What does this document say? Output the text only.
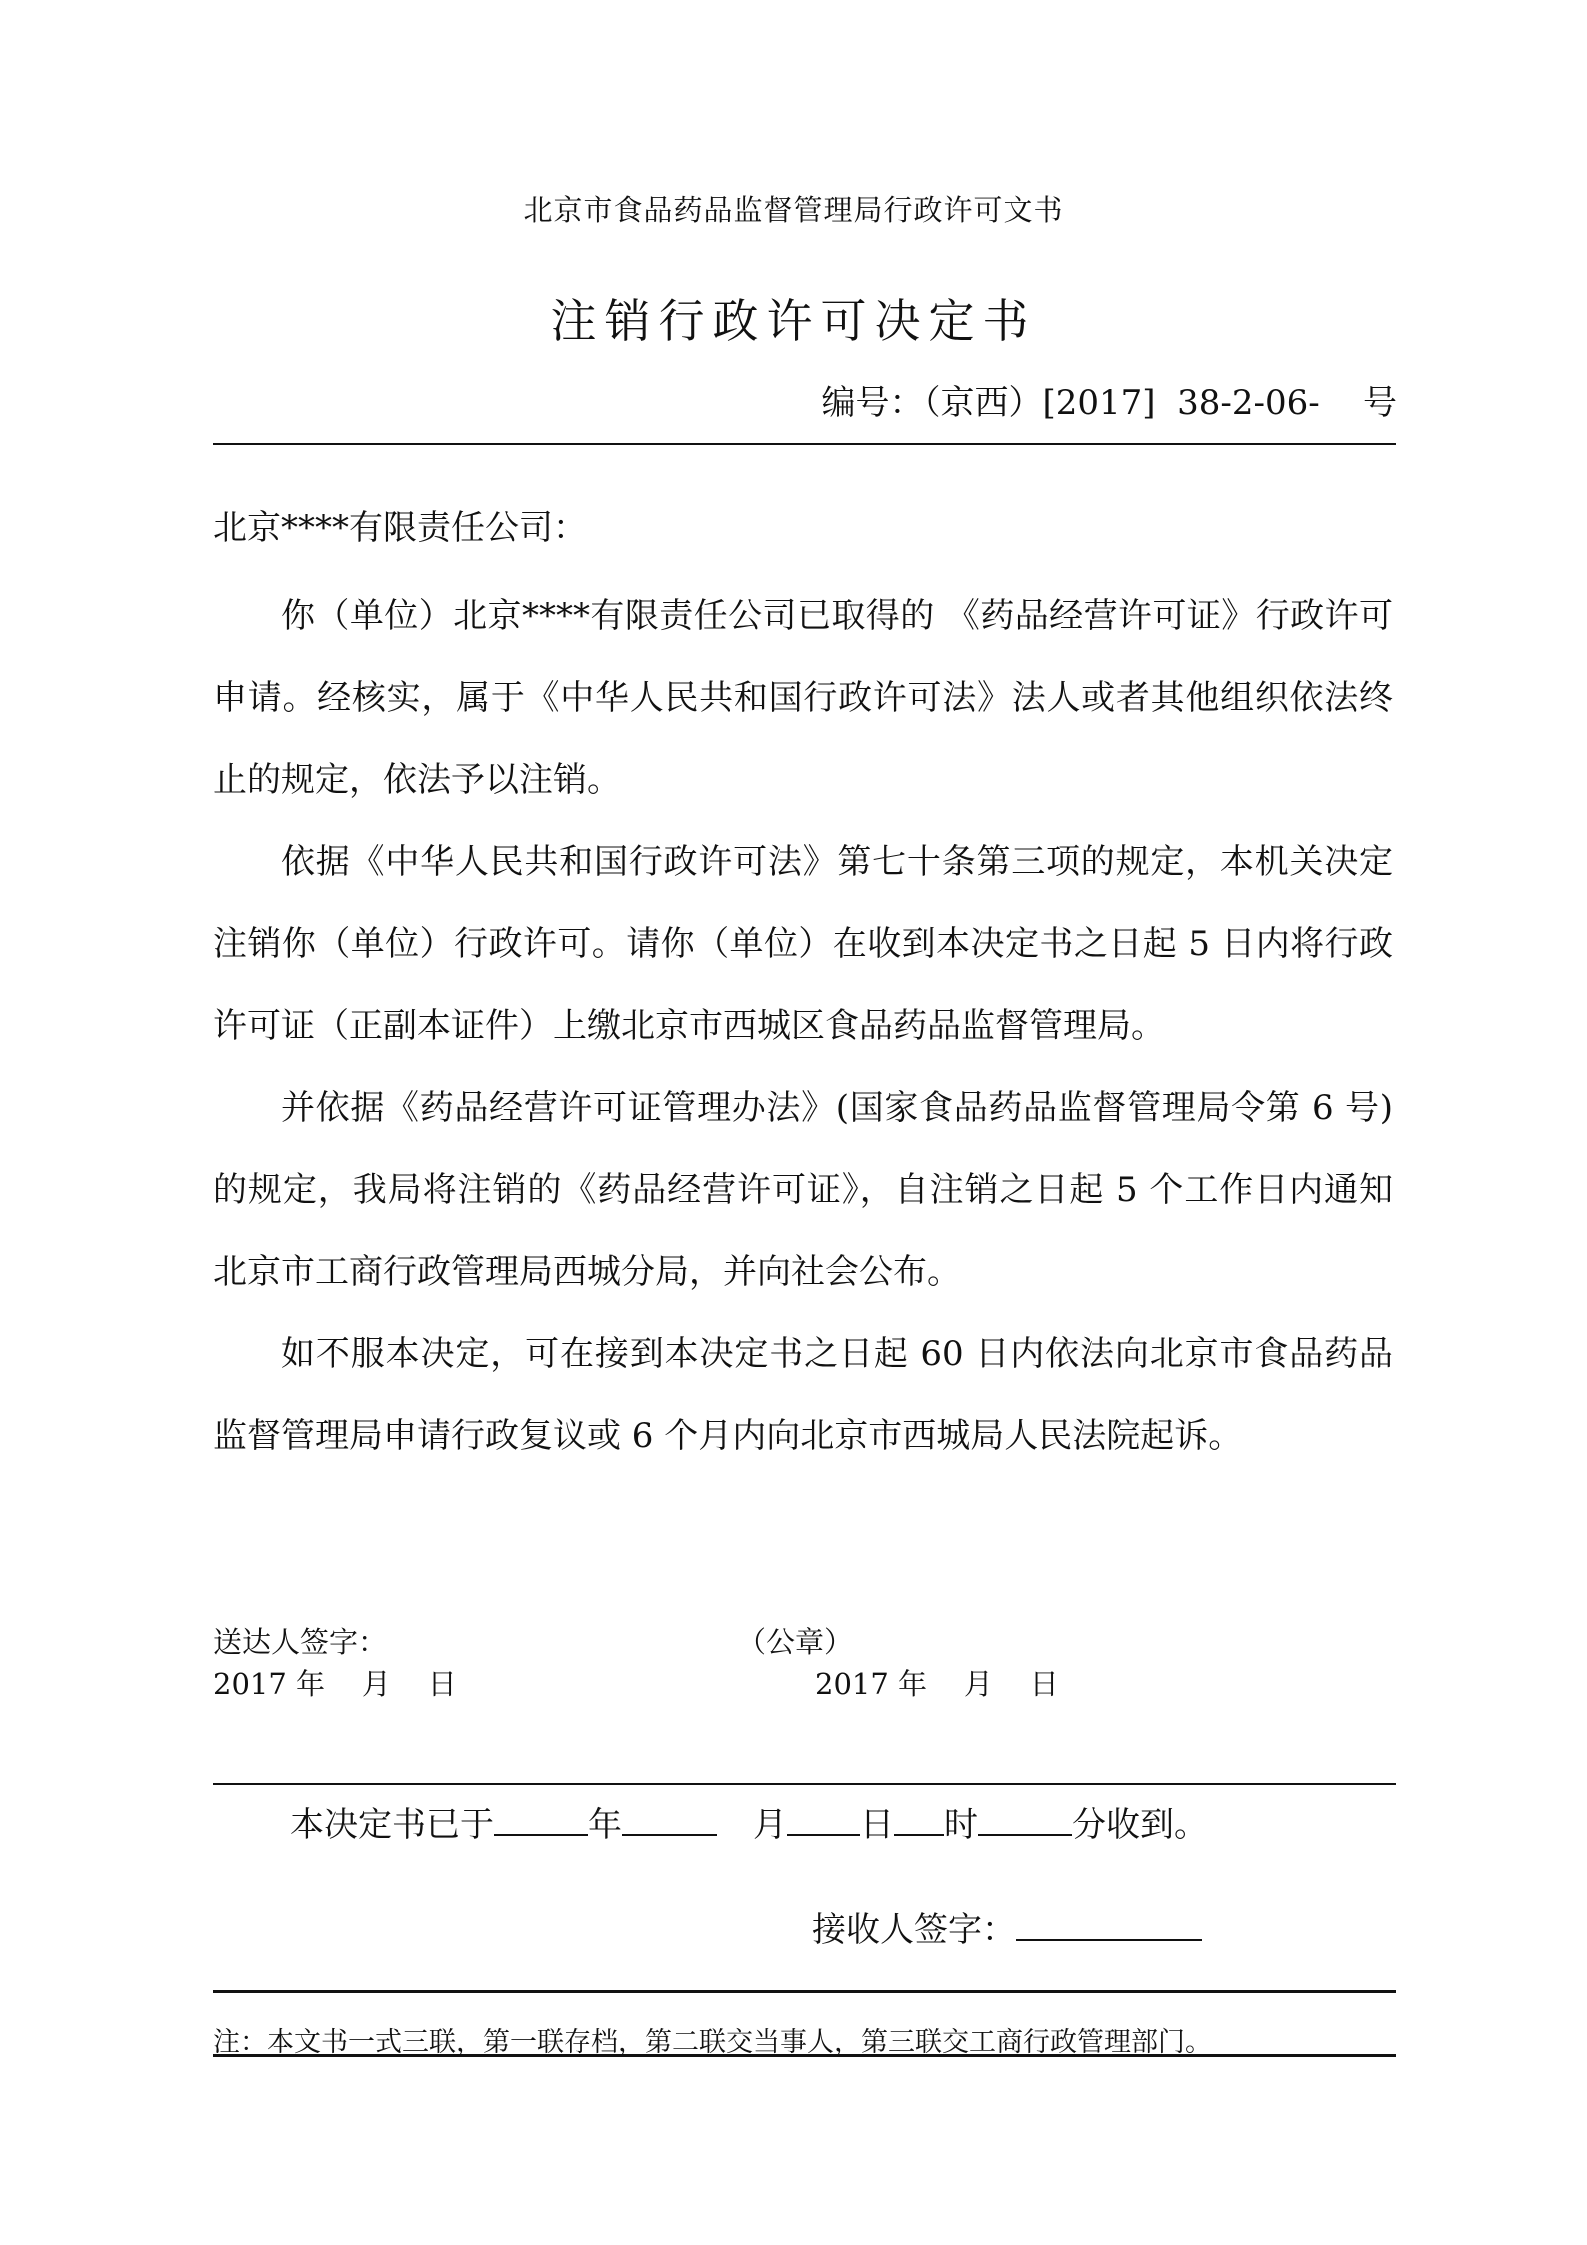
北京市食品药品监督管理局行政许可文书
注销行政许可决定书
编号：（京西）[2017]  38-2-06-    号
北京****有限责任公司：

你（单位）北京****有限责任公司已取得的 《药品经营许可证》行政许可申请。经核实，属于《中华人民共和国行政许可法》法人或者其他组织依法终止的规定，依法予以注销。

依据《中华人民共和国行政许可法》第七十条第三项的规定，本机关决定注销你（单位）行政许可。请你（单位）在收到本决定书之日起 5 日内将行政许可证（正副本证件）上缴北京市西城区食品药品监督管理局。

并依据《药品经营许可证管理办法》(国家食品药品监督管理局令第 6 号)的规定，我局将注销的《药品经营许可证》，自注销之日起 5 个工作日内通知北京市工商行政管理局西城分局，并向社会公布。

如不服本决定，可在接到本决定书之日起 60 日内依法向北京市食品药品监督管理局申请行政复议或 6 个月内向北京市西城局人民法院起诉。

送达人签字：	（公章）
2017 年    月    日	2017 年    月    日
本决定书已于	年	月 日 时	分收到。
接收人签字：
注：本文书一式三联，第一联存档，第二联交当事人，第三联交工商行政管理部门。
